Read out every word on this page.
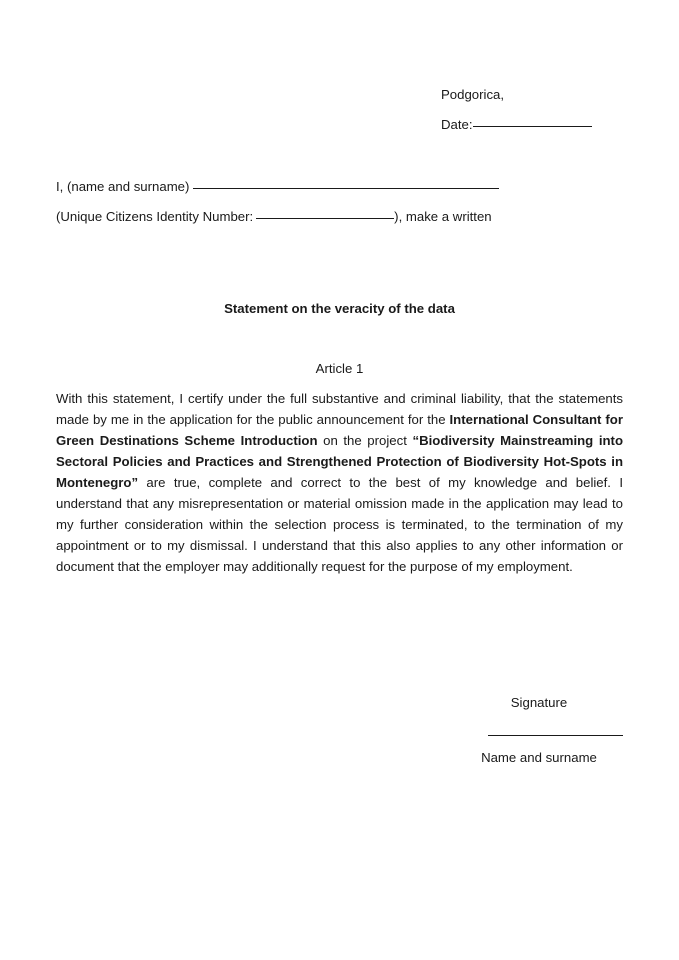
Podgorica,
Date:
I, (name and surname)
(Unique Citizens Identity Number:	), make a written
Statement on the veracity of the data
Article 1

With this statement, I certify under the full substantive and criminal liability, that the statements made by me in the application for the public announcement for the International Consultant for Green Destinations Scheme Introduction on the project “Biodiversity Mainstreaming into Sectoral Policies and Practices and Strengthened Protection of Biodiversity Hot-Spots in Montenegro” are true, complete and correct to the best of my knowledge and belief. I understand that any misrepresentation or material omission made in the application may lead to my further consideration within the selection process is terminated, to the termination of my appointment or to my dismissal. I understand that this also applies to any other information or document that the employer may additionally request for the purpose of my employment.

Signature
Name and surname
